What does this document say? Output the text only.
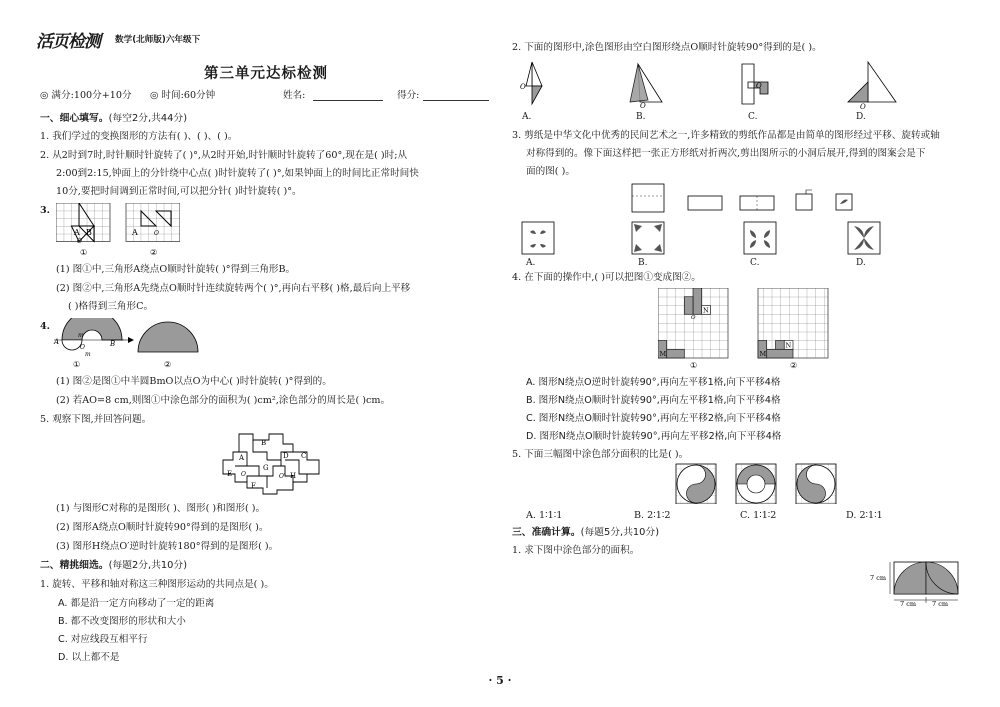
活页检测 数学(北师版)六年级下
第三单元达标检测
◎ 满分:100分+10分 ◎ 时间:60分钟	姓名:	得分:
一、细心填写。(每空2分,共44分)
1. 我们学过的变换图形的方法有( )、( )、( )。
2. 从2时到7时,时针顺时针旋转了( )°,从2时开始,时针顺时针旋转了60°,现在是( )时;从
2:00到2:15,钟面上的分针绕中心点( )时针旋转了( )°,如果钟面上的时间比正常时间快
10分,要把时间调到正常时间,可以把分针( )时针旋转( )°。
3.
A B
O
A	O
①	②
(1) 图①中,三角形A绕点O顺时针旋转( )°得到三角形B。
(2) 图②中,三角形A先绕点O顺时针连续旋转两个( )°,再向右平移( )格,最后向上平移
( )格得到三角形C。
4.
A
m
O
m
B
①	②
(1) 图②是图①中半圆BmO以点O为中心( )时针旋转( )°得到的。
(2) 若AO=8 cm,则图①中涂色部分的面积为( )cm²,涂色部分的周长是( )cm。
5. 观察下图,并回答问题。
B
A	D C
G
E O	O′ H
F
(1) 与图形C对称的是图形( )、图形( )和图形( )。
(2) 图形A绕点O顺时针旋转90°得到的是图形( )。
(3) 图形H绕点O′逆时针旋转180°得到的是图形( )。
二、精挑细选。(每题2分,共10分)
1. 旋转、平移和轴对称这三种图形运动的共同点是( )。
A. 都是沿一定方向移动了一定的距离
B. 都不改变图形的形状和大小
C. 对应线段互相平行
D. 以上都不是
2. 下面的图形中,涂色图形由空白图形绕点O顺时针旋转90°得到的是( )。
O
O
O
O
A.	B.	C.	D.
3. 剪纸是中华文化中优秀的民间艺术之一,许多精致的剪纸作品都是由简单的图形经过平移、旋转或轴
对称得到的。像下面这样把一张正方形纸对折两次,剪出图所示的小洞后展开,得到的图案会是下
面的图( )。
A.	B.	C.	D.
4. 在下面的操作中,( )可以把图①变成图②。
N
O
M	M
N
①	②
A. 图形N绕点O逆时针旋转90°,再向左平移1格,向下平移4格
B. 图形N绕点O顺时针旋转90°,再向左平移1格,向下平移4格
C. 图形N绕点O顺时针旋转90°,再向左平移2格,向下平移4格
D. 图形N绕点O顺时针旋转90°,再向左平移2格,向下平移4格
5. 下面三幅图中涂色部分面积的比是( )。
A. 1∶1∶1	B. 2∶1∶2	C. 1∶1∶2	D. 2∶1∶1
三、准确计算。(每题5分,共10分)
1. 求下图中涂色部分的面积。
7 cm
7 cm 7 cm
· 5 ·
